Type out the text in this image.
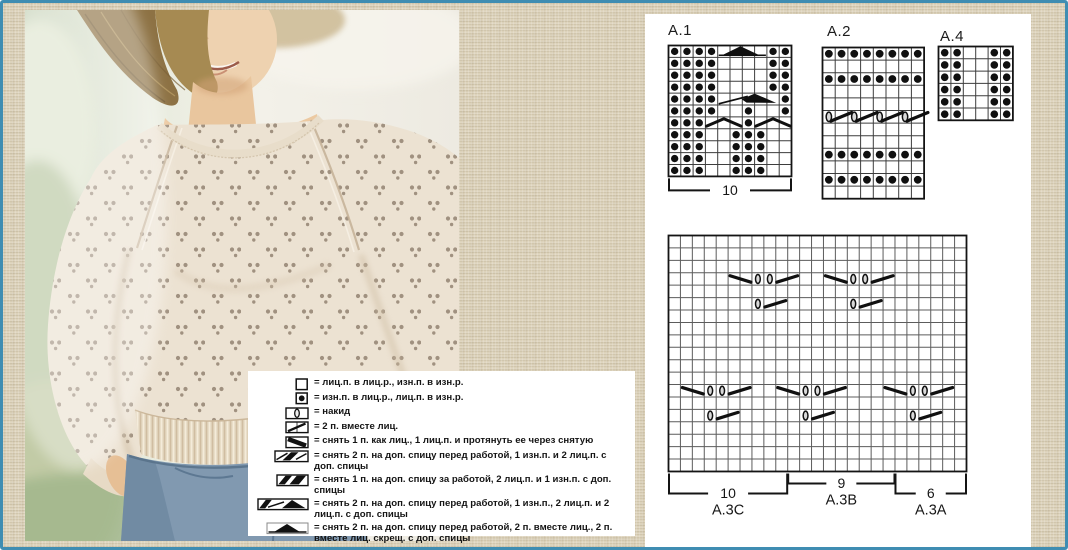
= лиц.п. в лиц.р., изн.п. в изн.р.
= изн.п. в лиц.р., лиц.п. в изн.р.
= накид
= 2 п. вместе лиц.
= снять 1 п. как лиц., 1 лиц.п. и протянуть ее через снятую
= снять 2 п. на доп. спицу перед работой, 1 изн.п. и 2 лиц.п. с доп. спицы
= снять 1 п. на доп. спицу за работой, 2 лиц.п. и 1 изн.п. с доп. спицы
= снять 2 п. на доп. спицу перед работой, 1 изн.п., 2 лиц.п. и 2 лиц.п. с доп. спицы
= снять 2 п. на доп. спицу перед работой, 2 п. вместе лиц., 2 п. вместе лиц. скрещ. с доп. спицы
A.1	A.2	A.4
10
10
A.3C
9
A.3B	6
A.3A
